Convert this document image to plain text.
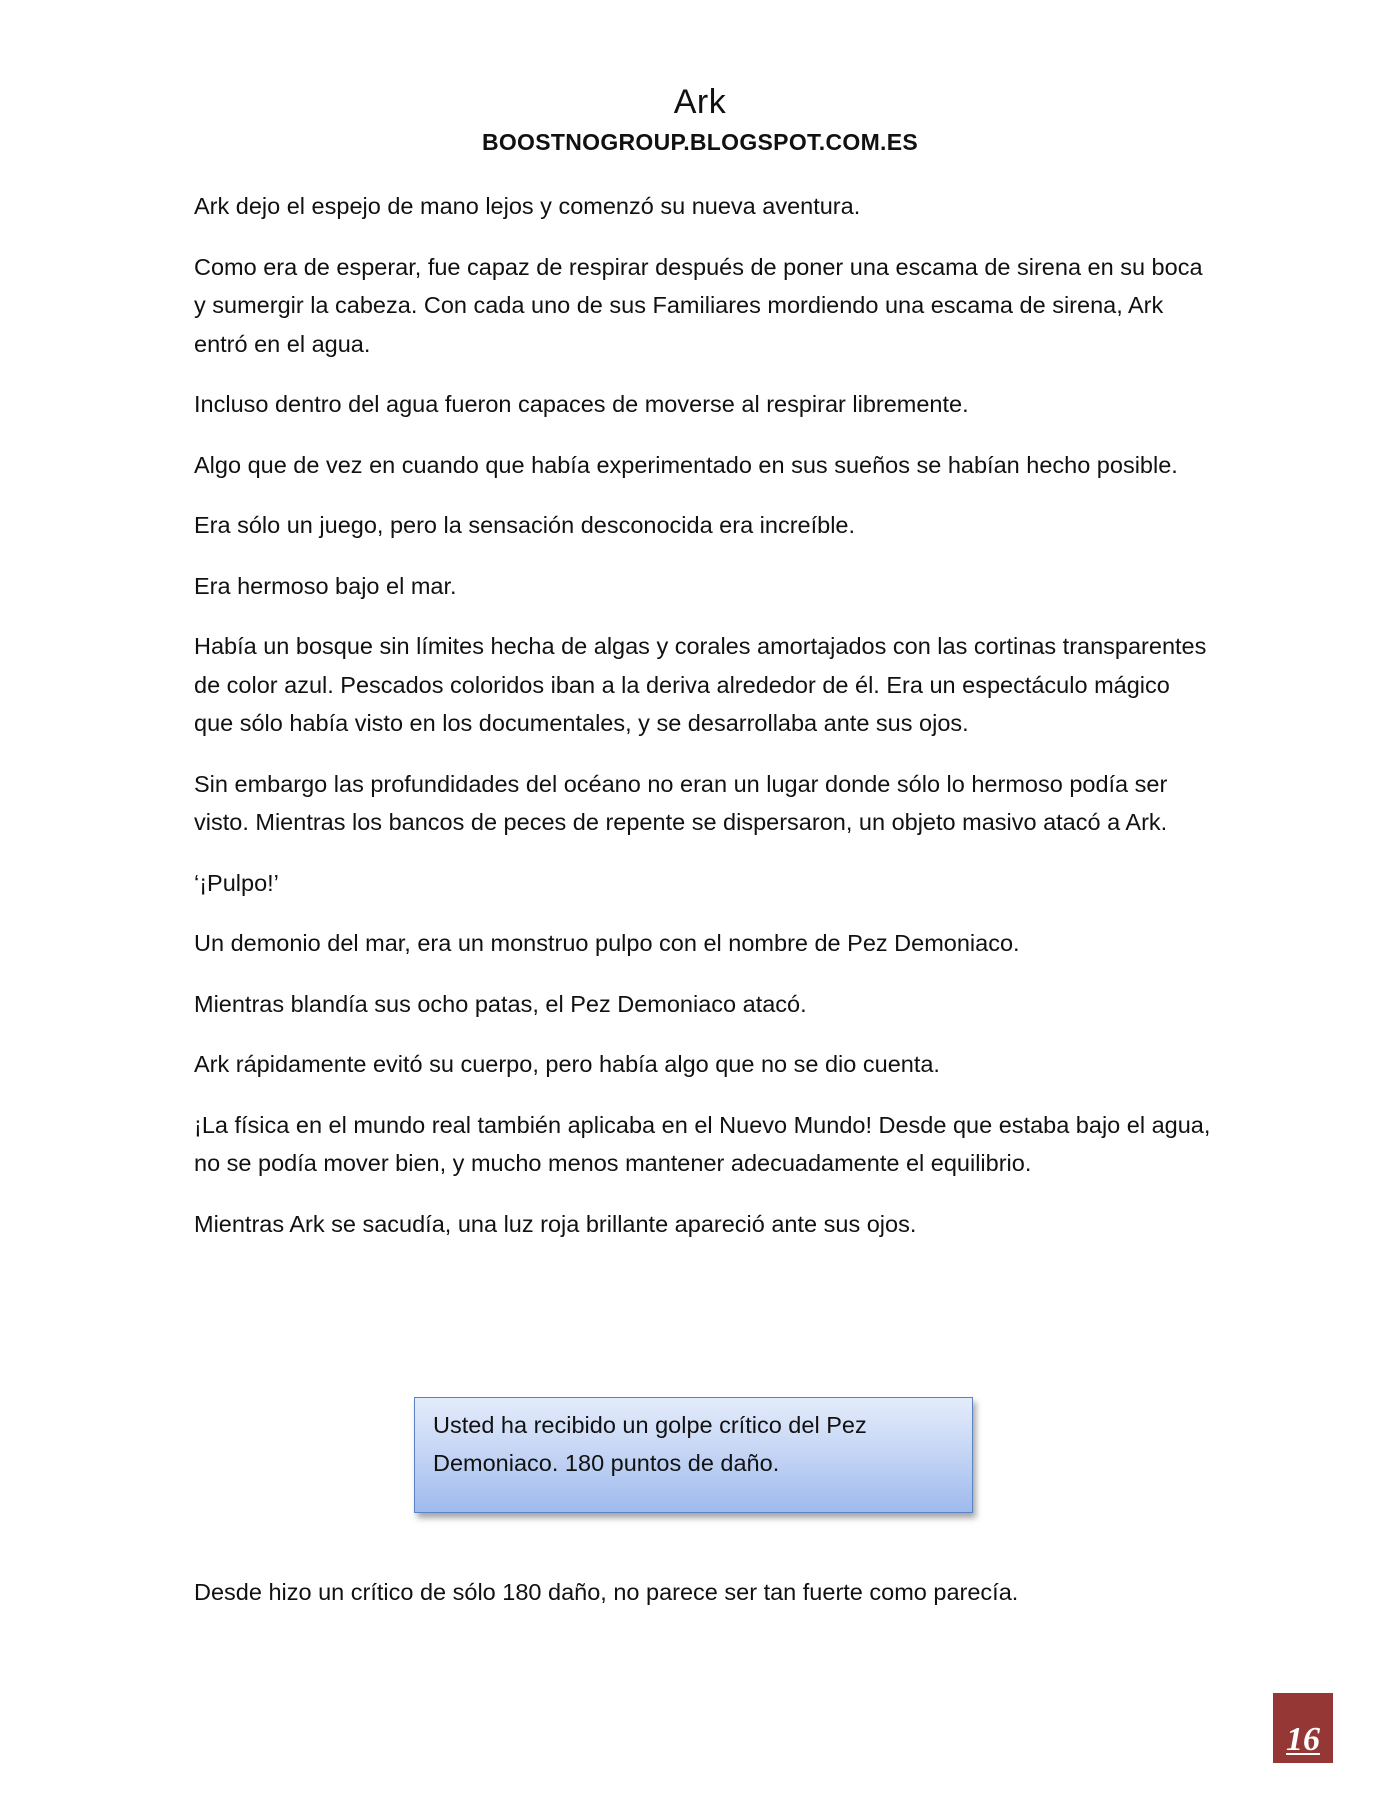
Ark
BOOSTNOGROUP.BLOGSPOT.COM.ES

Ark dejo el espejo de mano lejos y comenzó su nueva aventura.

Como era de esperar, fue capaz de respirar después de poner una escama de sirena en su boca y sumergir la cabeza. Con cada uno de sus Familiares mordiendo una escama de sirena, Ark entró en el agua.

Incluso dentro del agua fueron capaces de moverse al respirar libremente.

Algo que de vez en cuando que había experimentado en sus sueños se habían hecho posible.

Era sólo un juego, pero la sensación desconocida era increíble.

Era hermoso bajo el mar.

Había un bosque sin límites hecha de algas y corales amortajados con las cortinas transparentes de color azul. Pescados coloridos iban a la deriva alrededor de él. Era un espectáculo mágico que sólo había visto en los documentales, y se desarrollaba ante sus ojos.

Sin embargo las profundidades del océano no eran un lugar donde sólo lo hermoso podía ser visto. Mientras los bancos de peces de repente se dispersaron, un objeto masivo atacó a Ark.

‘¡Pulpo!’

Un demonio del mar, era un monstruo pulpo con el nombre de Pez Demoniaco.

Mientras blandía sus ocho patas, el Pez Demoniaco atacó.

Ark rápidamente evitó su cuerpo, pero había algo que no se dio cuenta.

¡La física en el mundo real también aplicaba en el Nuevo Mundo! Desde que estaba bajo el agua, no se podía mover bien, y mucho menos mantener adecuadamente el equilibrio.

Mientras Ark se sacudía, una luz roja brillante apareció ante sus ojos.

Usted ha recibido un golpe crítico del Pez Demoniaco. 180 puntos de daño.

Desde hizo un crítico de sólo 180 daño, no parece ser tan fuerte como parecía.

16
